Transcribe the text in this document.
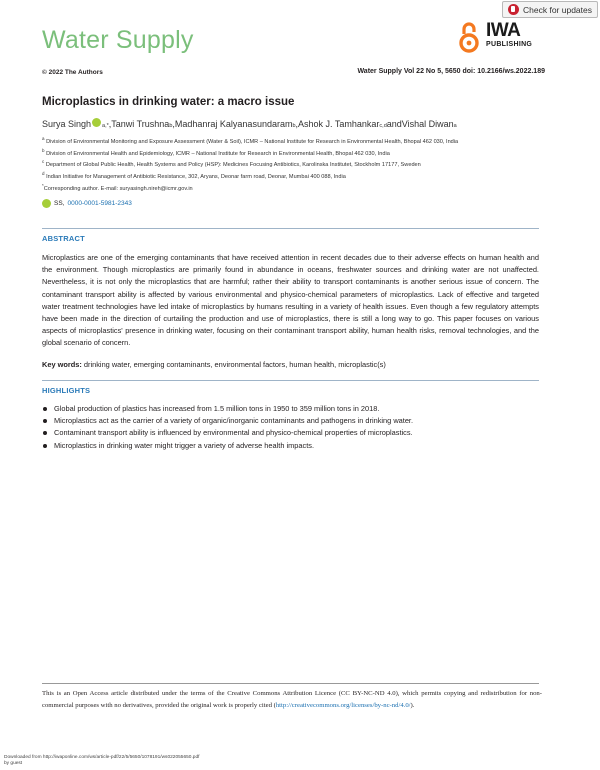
Check for updates
Water Supply	IWA
PUBLISHING
© 2022 The Authors	Water Supply Vol 22 No 5, 5650 doi: 10.2166/ws.2022.189
Microplastics in drinking water: a macro issue
Surya Singh $_{a,*}$ , Tanwi Trushna$_b$ , Madhanraj Kalyanasundaram$_b$ , Ashok J. Tamhankar$_{c,d}$ and Vishal Diwan$_a$
$^a$ Division of Environmental Monitoring and Exposure Assessment (Water & Soil), ICMR – National Institute for Research in Environmental Health, Bhopal 462 030, India
$^b$ Division of Environmental Health and Epidemiology, ICMR – National Institute for Research in Environmental Health, Bhopal 462 030, India
$^c$ Department of Global Public Health, Health Systems and Policy (HSP): Medicines Focusing Antibiotics, Karolinska Institutet, Stockholm 17177, Sweden
$^d$ Indian Initiative for Management of Antibiotic Resistance, 302, Aryans, Deonar farm road, Deonar, Mumbai 400 088, India
*Corresponding author. E-mail: suryasingh.nireh@icmr.gov.in
SS, 0000-0001-5981-2343
ABSTRACT
Microplastics are one of the emerging contaminants that have received attention in recent decades due to their adverse effects on human health and the environment. Though microplastics are primarily found in abundance in oceans, freshwater sources and drinking water are not unaffected. Nevertheless, it is not only the microplastics that are harmful; rather their ability to transport contaminants is another serious issue of concern. The contaminant transport ability is affected by various environmental and physico-chemical parameters of microplastics. Lack of effective and targeted water treatment technologies have led intake of microplastics by humans resulting in a variety of health issues. Even though a few regulatory attempts have been made in the direction of curtailing the production and use of microplastics, there is still a long way to go. This paper focuses on various aspects of microplastics' presence in drinking water, focusing on their contaminant transport ability, human health risks, removal technologies, and the global scenario of concern.
Key words: drinking water, emerging contaminants, environmental factors, human health, microplastic(s)
HIGHLIGHTS
Global production of plastics has increased from 1.5 million tons in 1950 to 359 million tons in 2018.
Microplastics act as the carrier of a variety of organic/inorganic contaminants and pathogens in drinking water.
Contaminant transport ability is influenced by environmental and physico-chemical properties of microplastics.
Microplastics in drinking water might trigger a variety of adverse health impacts.
This is an Open Access article distributed under the terms of the Creative Commons Attribution Licence (CC BY-NC-ND 4.0), which permits copying and redistribution for non-commercial purposes with no derivatives, provided the original work is properly cited (http://creativecommons.org/licenses/by-nc-nd/4.0/).
Downloaded from http://iwaponline.com/ws/article-pdf/22/5/5650/1078191/ws022055650.pdf
by guest
